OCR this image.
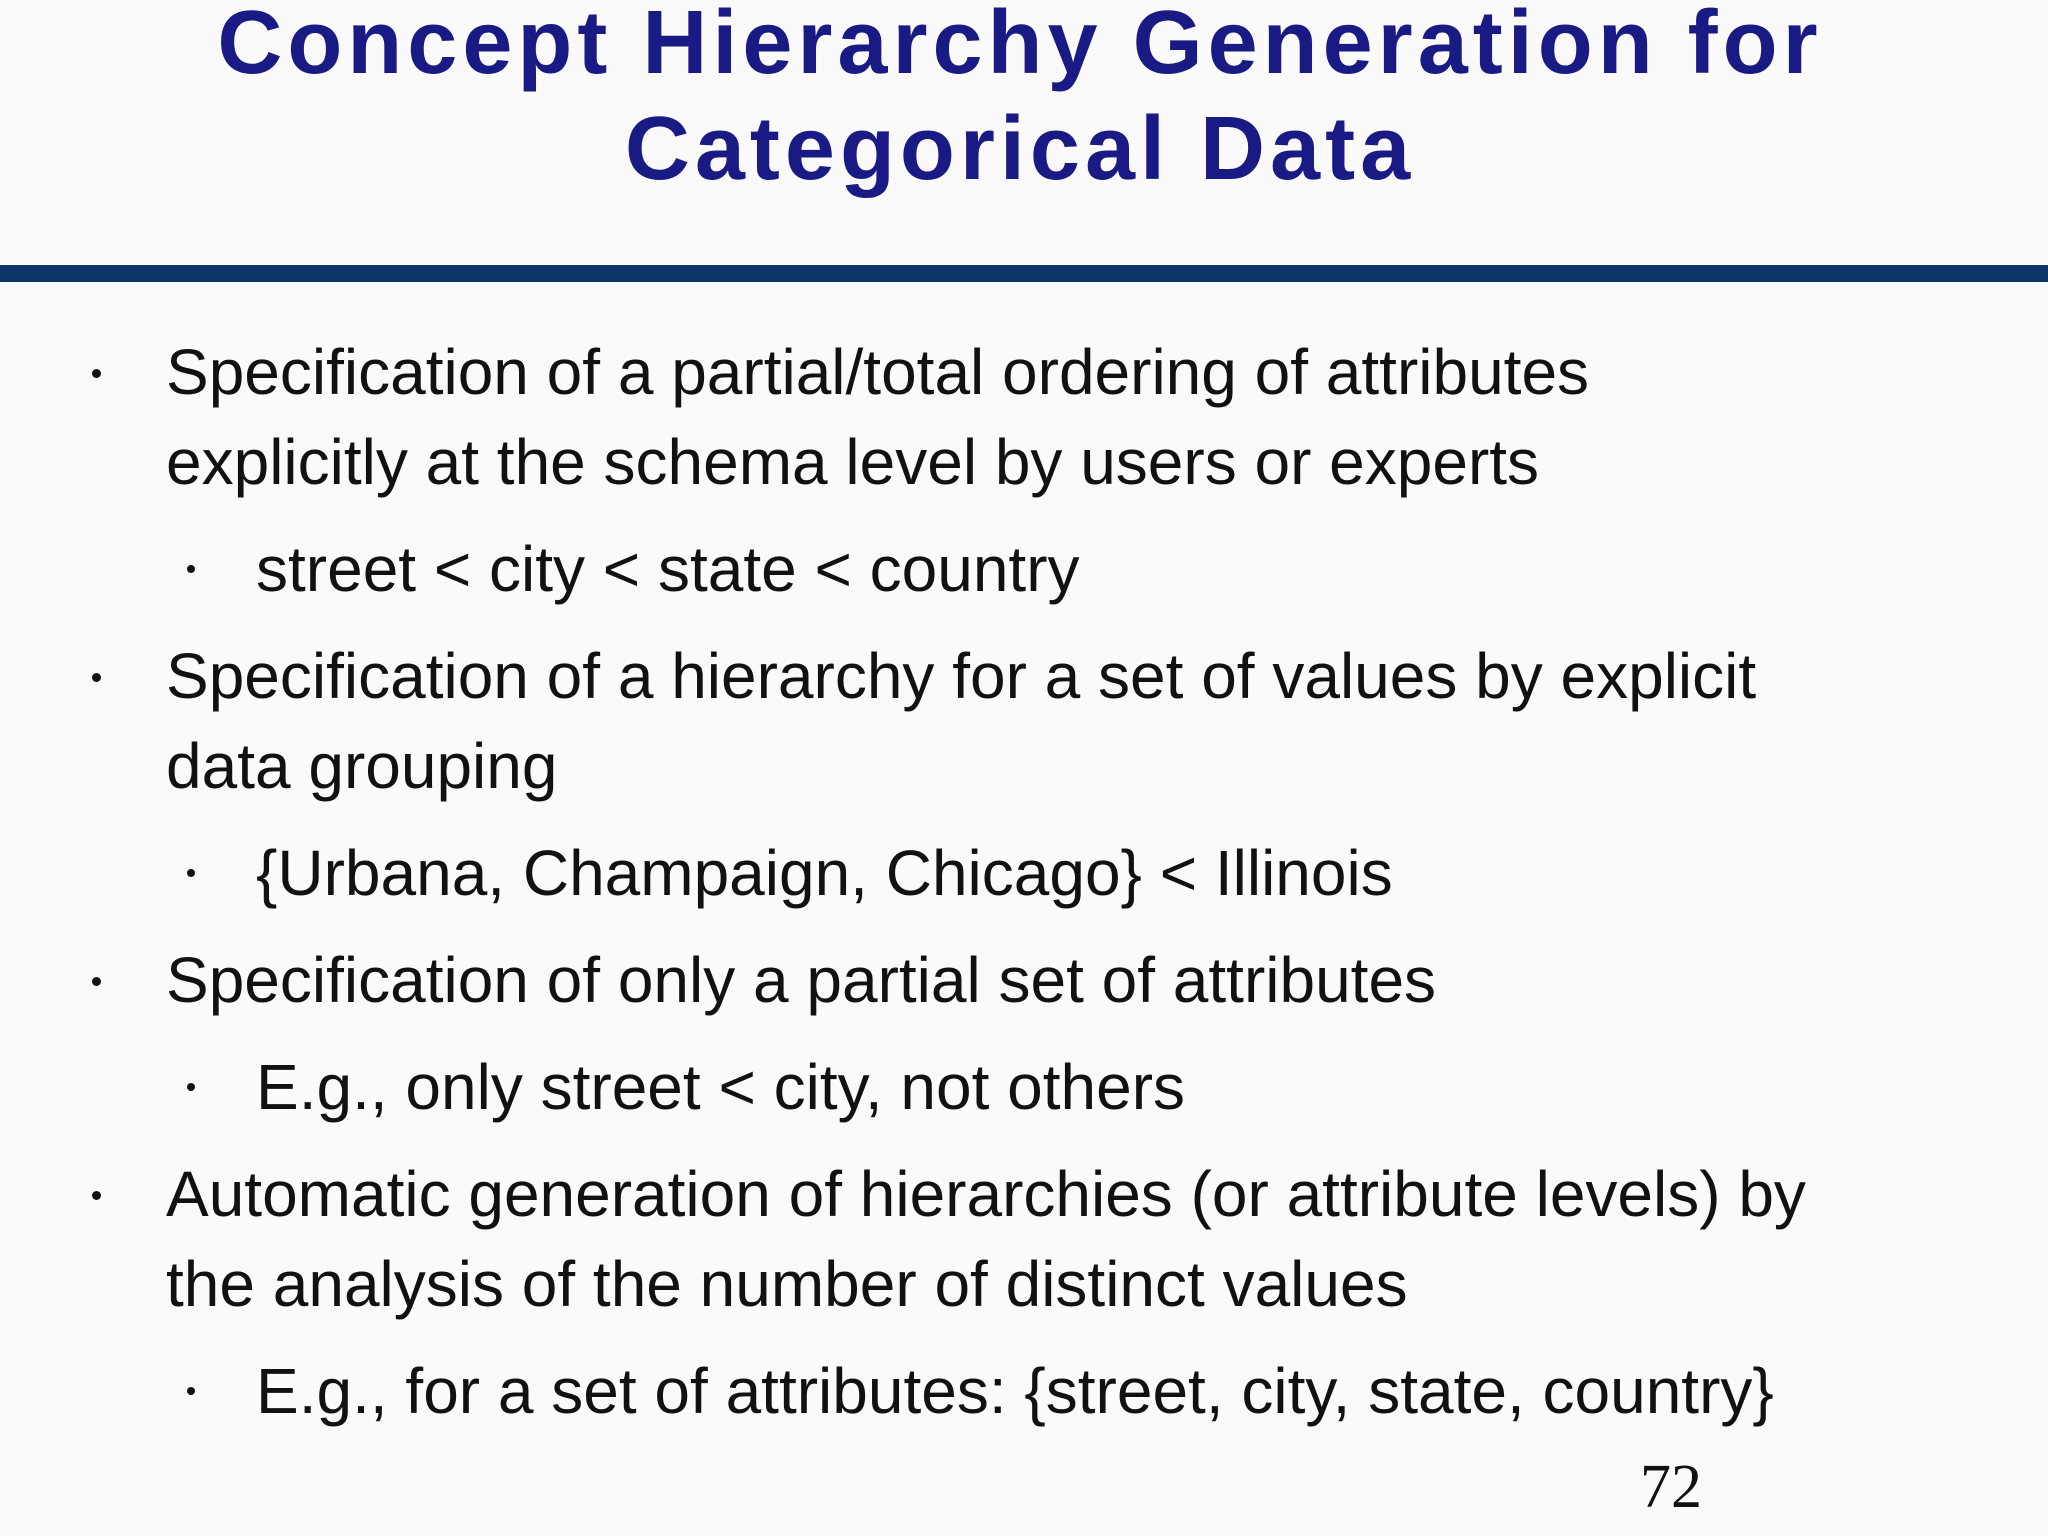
Concept Hierarchy Generation for
Categorical Data
Specification of a partial/total ordering of attributes
explicitly at the schema level by users or experts
street < city < state < country
Specification of a hierarchy for a set of values by explicit
data grouping
{Urbana, Champaign, Chicago} < Illinois
Specification of only a partial set of attributes
E.g., only street < city, not others
Automatic generation of hierarchies (or attribute levels) by
the analysis of the number of distinct values
E.g., for a set of attributes: {street, city, state, country}
72
